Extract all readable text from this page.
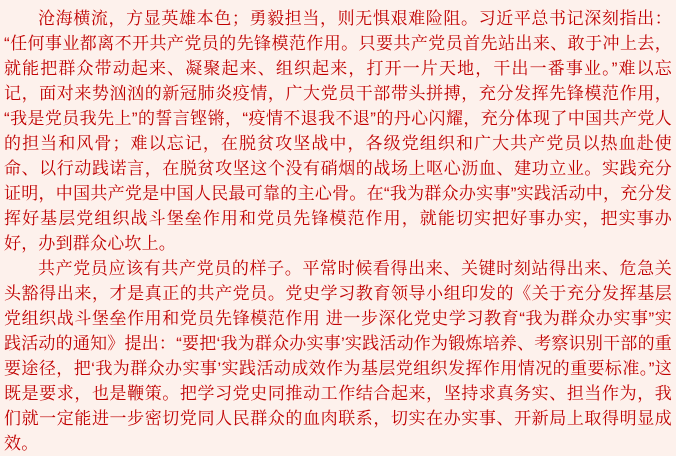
沧海横流，方显英雄本色；勇毅担当，则无惧艰难险阻。习近平总书记深刻指出：“任何事业都离不开共产党员的先锋模范作用。只要共产党员首先站出来、敢于冲上去，就能把群众带动起来、凝聚起来、组织起来，打开一片天地，干出一番事业。”难以忘记，面对来势汹汹的新冠肺炎疫情，广大党员干部带头拼搏，充分发挥先锋模范作用，“我是党员我先上”的誓言铿锵，“疫情不退我不退”的丹心闪耀，充分体现了中国共产党人的担当和风骨；难以忘记，在脱贫攻坚战中，各级党组织和广大共产党员以热血赴使命、以行动践诺言，在脱贫攻坚这个没有硝烟的战场上呕心沥血、建功立业。实践充分证明，中国共产党是中国人民最可靠的主心骨。在“我为群众办实事”实践活动中，充分发挥好基层党组织战斗堡垒作用和党员先锋模范作用，就能切实把好事办实，把实事办好，办到群众心坎上。

共产党员应该有共产党员的样子。平常时候看得出来、关键时刻站得出来、危急关头豁得出来，才是真正的共产党员。党史学习教育领导小组印发的《关于充分发挥基层党组织战斗堡垒作用和党员先锋模范作用 进一步深化党史学习教育“我为群众办实事”实践活动的通知》提出：“要把‘我为群众办实事’实践活动作为锻炼培养、考察识别干部的重要途径，把‘我为群众办实事’实践活动成效作为基层党组织发挥作用情况的重要标准。”这既是要求，也是鞭策。把学习党史同推动工作结合起来，坚持求真务实、担当作为，我们就一定能进一步密切党同人民群众的血肉联系，切实在办实事、开新局上取得明显成效。
